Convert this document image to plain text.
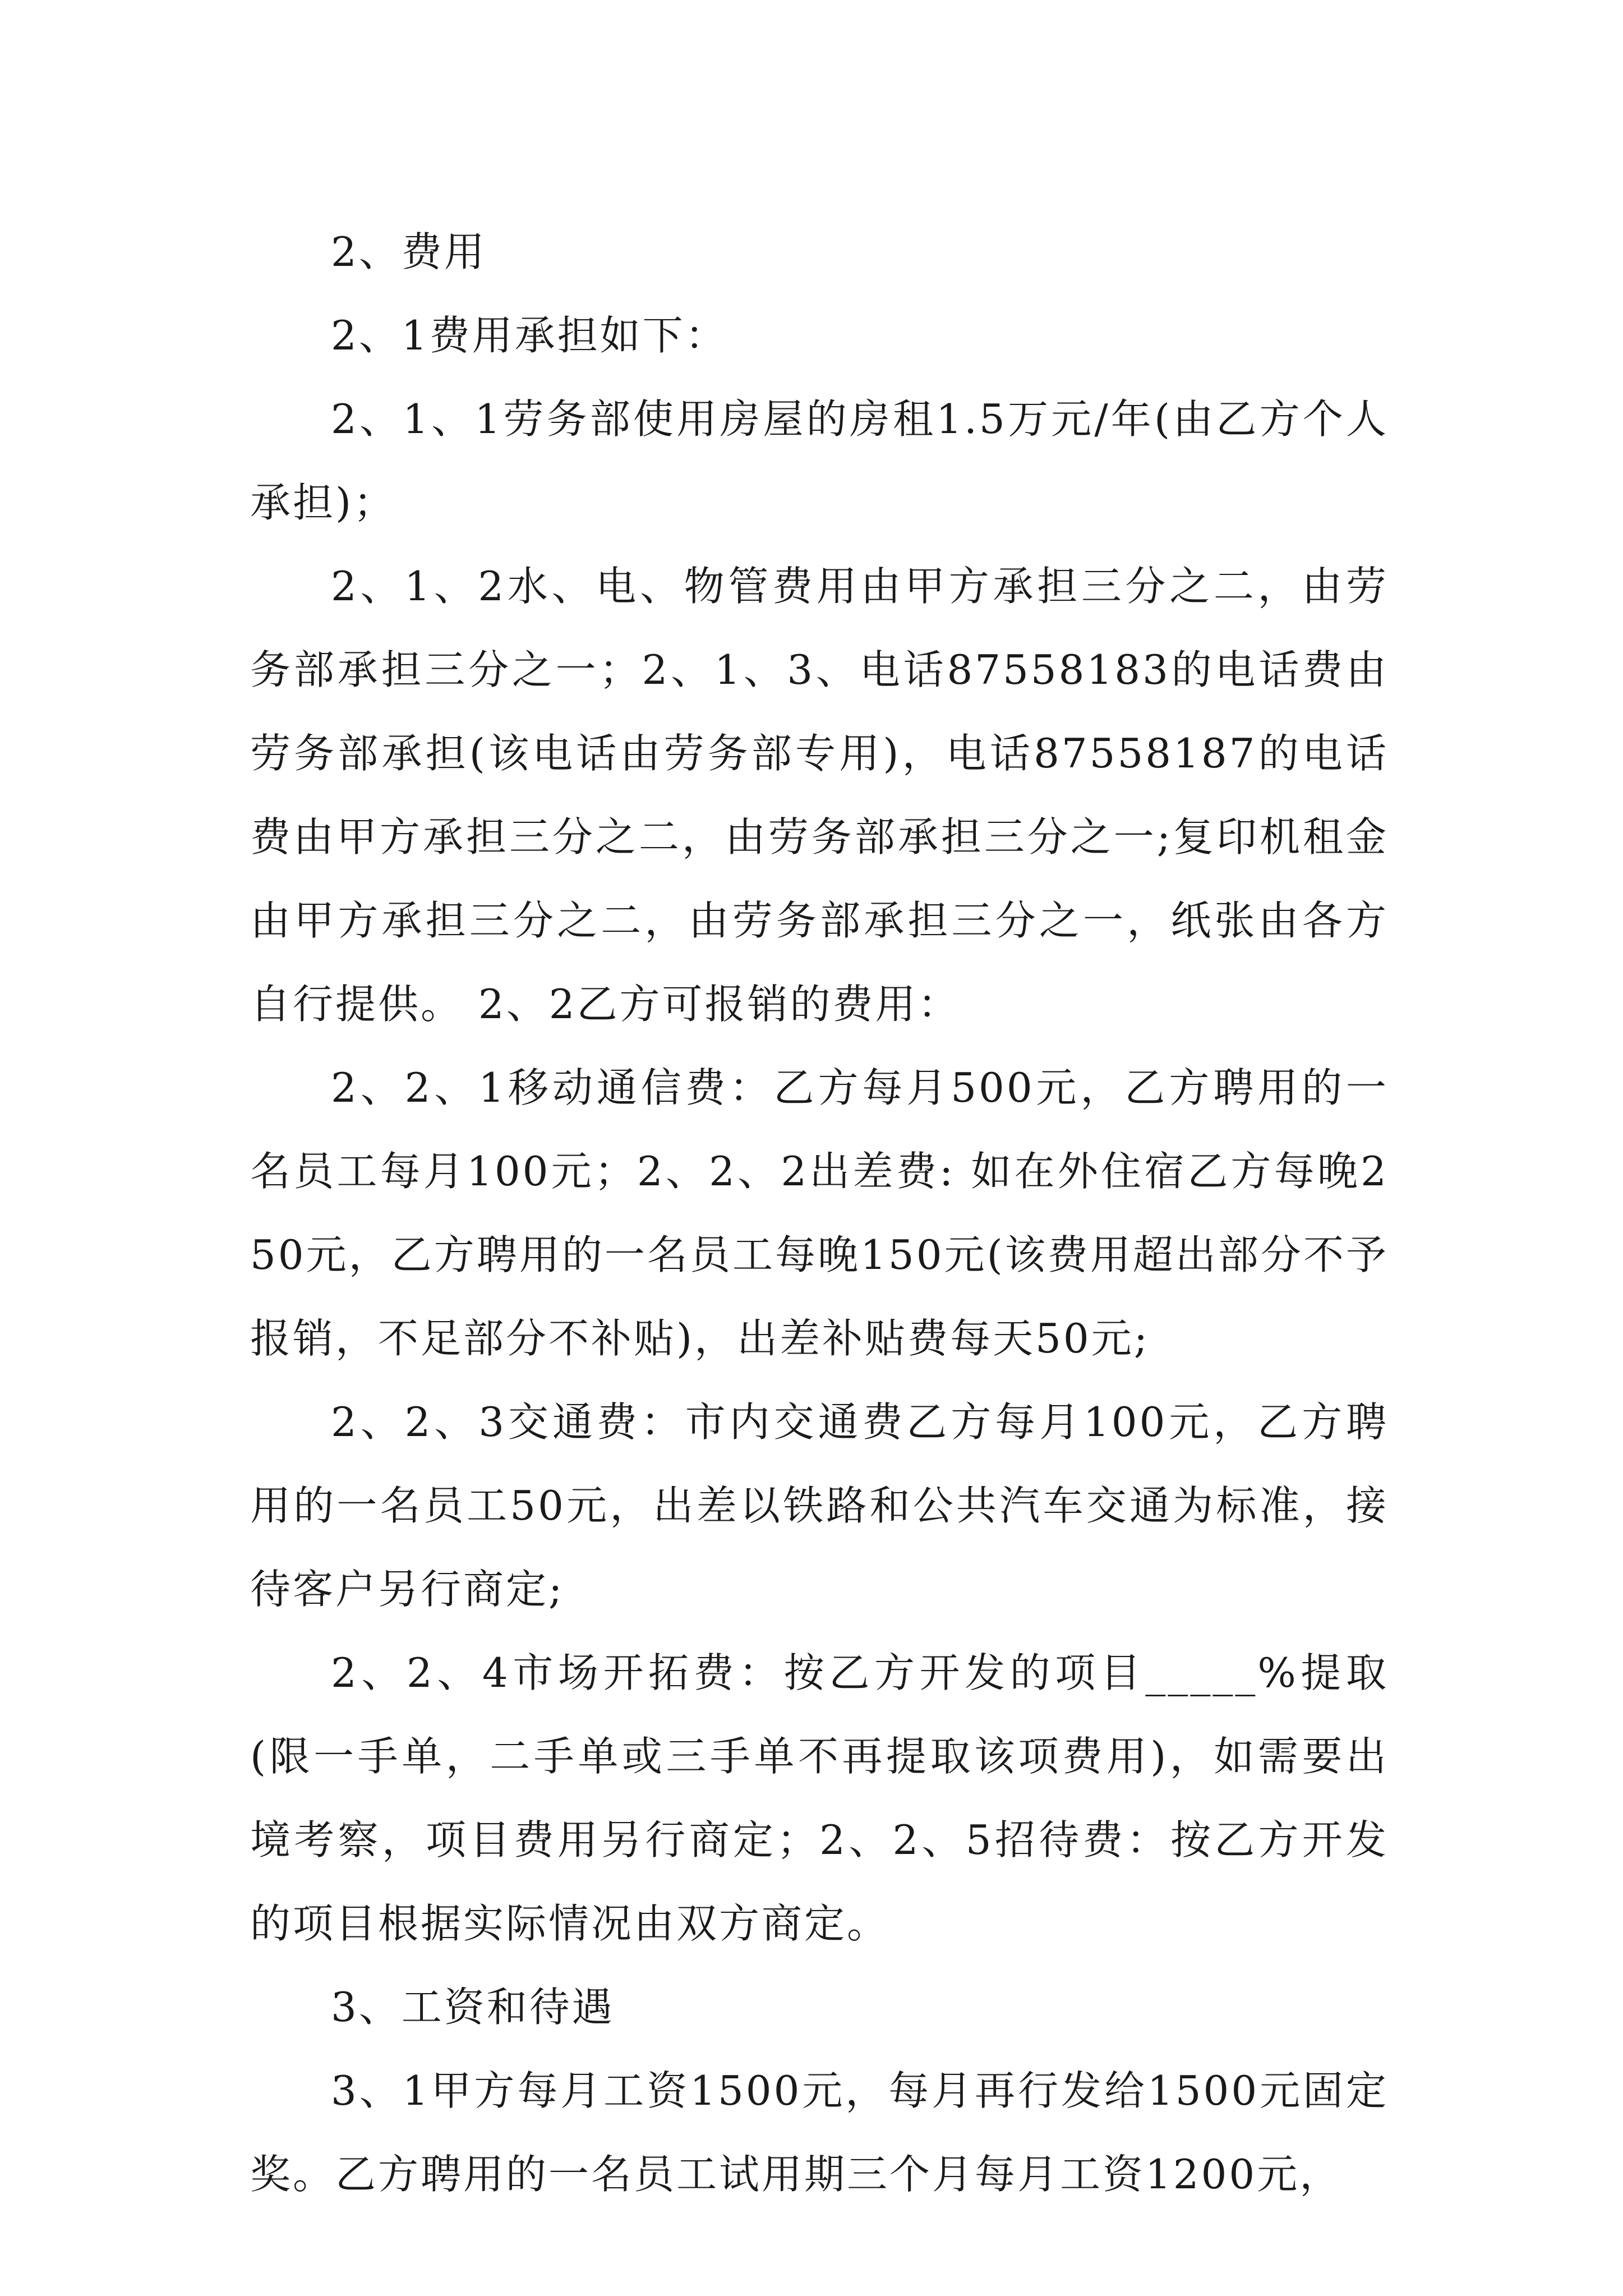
2、费用

2、1费用承担如下：

2、1、1劳务部使用房屋的房租1.5万元/年(由乙方个人承担)；

2、1、2水、电、物管费用由甲方承担三分之二，由劳务部承担三分之一；2、1、3、电话87558183的电话费由劳务部承担(该电话由劳务部专用)，电话87558187的电话费由甲方承担三分之二，由劳务部承担三分之一;复印机租金由甲方承担三分之二，由劳务部承担三分之一，纸张由各方自行提供。 2、2乙方可报销的费用：

2、2、1移动通信费：乙方每月500元，乙方聘用的一名员工每月100元；2、2、2出差费: 如在外住宿乙方每晚250元，乙方聘用的一名员工每晚150元(该费用超出部分不予报销，不足部分不补贴)，出差补贴费每天50元;

2、2、3交通费：市内交通费乙方每月100元，乙方聘用的一名员工50元，出差以铁路和公共汽车交通为标准，接待客户另行商定;

2、2、4市场开拓费：按乙方开发的项目_____%提取(限一手单，二手单或三手单不再提取该项费用)，如需要出境考察，项目费用另行商定；2、2、5招待费：按乙方开发的项目根据实际情况由双方商定。

3、工资和待遇

3、1甲方每月工资1500元，每月再行发给1500元固定奖。乙方聘用的一名员工试用期三个月每月工资1200元，
